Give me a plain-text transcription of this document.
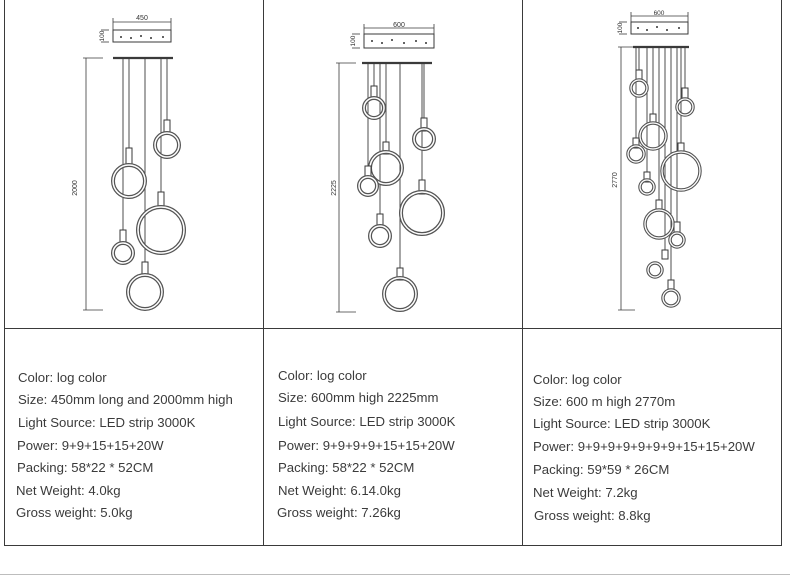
450
100
2000
600
100
2225
600
100
2770
Color: log color
Size: 450mm long and 2000mm high
Light Source: LED strip 3000K
Power: 9+9+15+15+20W
Packing: 58*22 * 52CM
Net Weight: 4.0kg
Gross weight: 5.0kg
Color: log color
Size: 600mm high 2225mm
Light Source: LED strip 3000K
Power: 9+9+9+9+15+15+20W
Packing: 58*22 * 52CM
Net Weight: 6.14.0kg
Gross weight: 7.26kg
Color: log color
Size: 600 m high 2770m
Light Source: LED strip 3000K
Power: 9+9+9+9+9+9+9+15+15+20W
Packing: 59*59 * 26CM
Net Weight: 7.2kg
Gross weight: 8.8kg
